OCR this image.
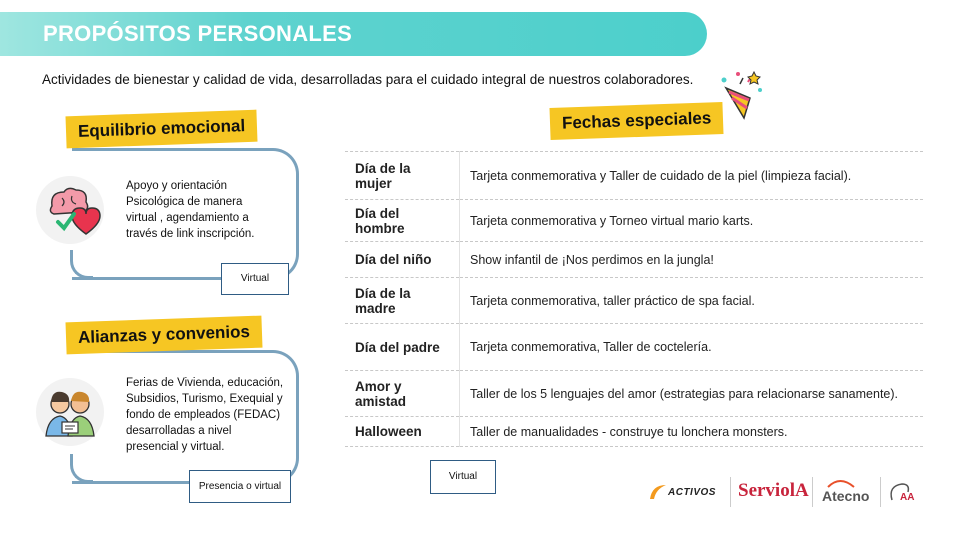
PROPÓSITOS PERSONALES
Actividades de bienestar y calidad de vida, desarrolladas para el cuidado integral de nuestros colaboradores.
Equilibrio emocional
Apoyo y orientación Psicológica de manera virtual , agendamiento a través de link inscripción.
Virtual
Alianzas y convenios
Ferias de Vivienda, educación, Subsidios, Turismo, Exequial y fondo de empleados (FEDAC) desarrolladas a nivel presencial y virtual.
Presencia o virtual
Fechas especiales
Día de la mujer	Tarjeta conmemorativa y Taller de cuidado de la piel (limpieza facial).
Día del hombre	Tarjeta conmemorativa y Torneo virtual mario karts.
Día del niño	Show infantil de ¡Nos perdimos en la jungla!
Día de la madre	Tarjeta conmemorativa, taller práctico de spa facial.
Día del padre	Tarjeta conmemorativa, Taller de coctelería.
Amor y amistad	Taller de los 5 lenguajes del amor (estrategias para relacionarse sanamente).
Halloween	Taller de manualidades - construye tu lonchera monsters.
Virtual
ACTIVOS ServiolA Atecno	AA
